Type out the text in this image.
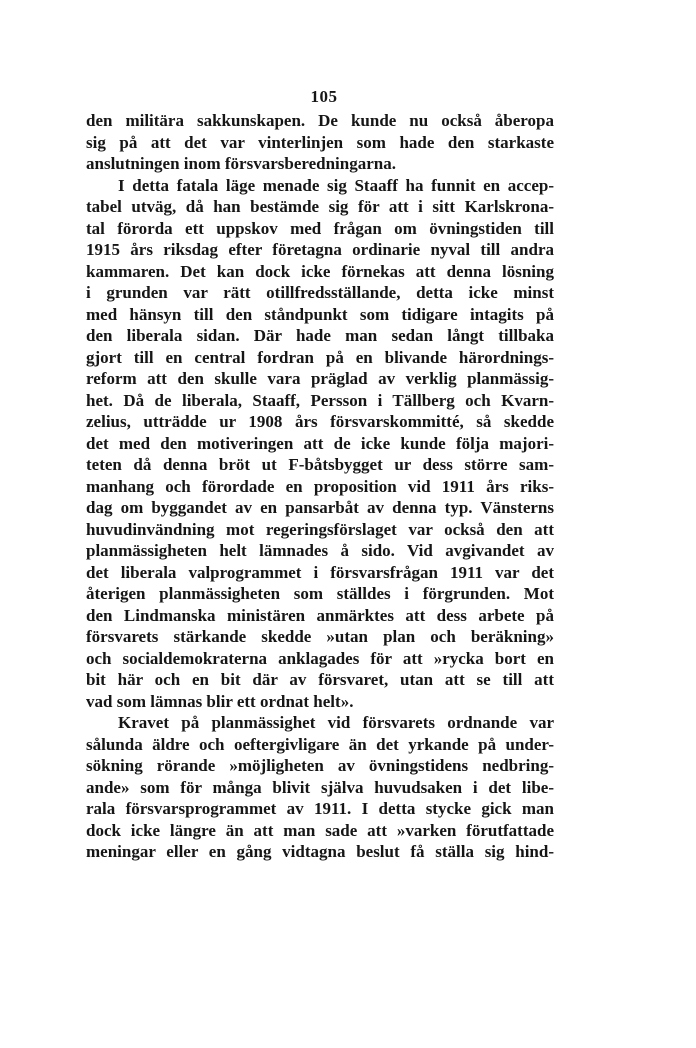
105
den militära sakkunskapen. De kunde nu också åberopa
sig på att det var vinterlinjen som hade den starkaste
anslutningen inom försvarsberedningarna.
I detta fatala läge menade sig Staaff ha funnit en accep-
tabel utväg, då han bestämde sig för att i sitt Karlskrona-
tal förorda ett uppskov med frågan om övningstiden till
1915 års riksdag efter företagna ordinarie nyval till andra
kammaren. Det kan dock icke förnekas att denna lösning
i grunden var rätt otillfredsställande, detta icke minst
med hänsyn till den ståndpunkt som tidigare intagits på
den liberala sidan. Där hade man sedan långt tillbaka
gjort till en central fordran på en blivande härordnings-
reform att den skulle vara präglad av verklig planmässig-
het. Då de liberala, Staaff, Persson i Tällberg och Kvarn-
zelius, utträdde ur 1908 års försvarskommitté, så skedde
det med den motiveringen att de icke kunde följa majori-
teten då denna bröt ut F-båtsbygget ur dess större sam-
manhang och förordade en proposition vid 1911 års riks-
dag om byggandet av en pansarbåt av denna typ. Vänsterns
huvudinvändning mot regeringsförslaget var också den att
planmässigheten helt lämnades å sido. Vid avgivandet av
det liberala valprogrammet i försvarsfrågan 1911 var det
återigen planmässigheten som ställdes i förgrunden. Mot
den Lindmanska ministären anmärktes att dess arbete på
försvarets stärkande skedde »utan plan och beräkning»
och socialdemokraterna anklagades för att »rycka bort en
bit här och en bit där av försvaret, utan att se till att
vad som lämnas blir ett ordnat helt».
Kravet på planmässighet vid försvarets ordnande var
sålunda äldre och oeftergivligare än det yrkande på under-
sökning rörande »möjligheten av övningstidens nedbring-
ande» som för många blivit själva huvudsaken i det libe-
rala försvarsprogrammet av 1911. I detta stycke gick man
dock icke längre än att man sade att »varken förutfattade
meningar eller en gång vidtagna beslut få ställa sig hind-
